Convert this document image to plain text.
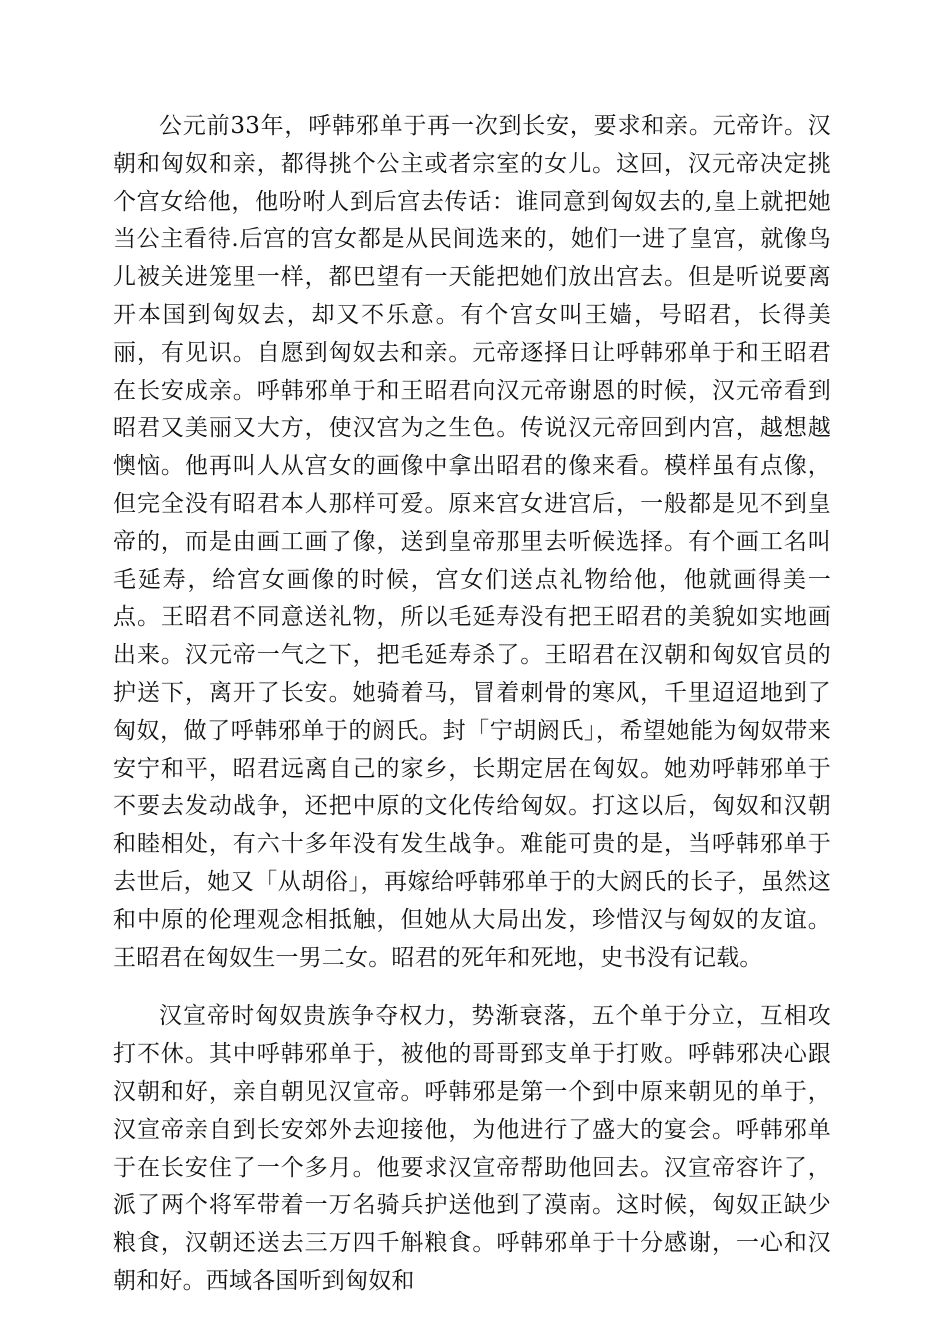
公元前33年，呼韩邪单于再一次到长安，要求和亲。元帝许。汉朝和匈奴和亲，都得挑个公主或者宗室的女儿。这回，汉元帝决定挑个宫女给他，他吩咐人到后宫去传话：谁同意到匈奴去的,皇上就把她当公主看待.后宫的宫女都是从民间选来的，她们一进了皇宫，就像鸟儿被关进笼里一样，都巴望有一天能把她们放出宫去。但是听说要离开本国到匈奴去，却又不乐意。有个宫女叫王嫱，号昭君，长得美丽，有见识。自愿到匈奴去和亲。元帝逐择日让呼韩邪单于和王昭君在长安成亲。呼韩邪单于和王昭君向汉元帝谢恩的时候，汉元帝看到昭君又美丽又大方，使汉宫为之生色。传说汉元帝回到内宫，越想越懊恼。他再叫人从宫女的画像中拿出昭君的像来看。模样虽有点像，但完全没有昭君本人那样可爱。原来宫女进宫后，一般都是见不到皇帝的，而是由画工画了像，送到皇帝那里去听候选择。有个画工名叫毛延寿，给宫女画像的时候，宫女们送点礼物给他，他就画得美一点。王昭君不同意送礼物，所以毛延寿没有把王昭君的美貌如实地画出来。汉元帝一气之下，把毛延寿杀了。王昭君在汉朝和匈奴官员的护送下，离开了长安。她骑着马，冒着刺骨的寒风，千里迢迢地到了匈奴，做了呼韩邪单于的阏氏。封「宁胡阏氏」，希望她能为匈奴带来安宁和平，昭君远离自己的家乡，长期定居在匈奴。她劝呼韩邪单于不要去发动战争，还把中原的文化传给匈奴。打这以后，匈奴和汉朝和睦相处，有六十多年没有发生战争。难能可贵的是，当呼韩邪单于去世后，她又「从胡俗」，再嫁给呼韩邪单于的大阏氏的长子，虽然这和中原的伦理观念相抵触，但她从大局出发，珍惜汉与匈奴的友谊。王昭君在匈奴生一男二女。昭君的死年和死地，史书没有记载。

汉宣帝时匈奴贵族争夺权力，势渐衰落，五个单于分立，互相攻打不休。其中呼韩邪单于，被他的哥哥郅支单于打败。呼韩邪决心跟汉朝和好，亲自朝见汉宣帝。呼韩邪是第一个到中原来朝见的单于，汉宣帝亲自到长安郊外去迎接他，为他进行了盛大的宴会。呼韩邪单于在长安住了一个多月。他要求汉宣帝帮助他回去。汉宣帝容许了，派了两个将军带着一万名骑兵护送他到了漠南。这时候，匈奴正缺少粮食，汉朝还送去三万四千斛粮食。呼韩邪单于十分感谢，一心和汉朝和好。西域各国听到匈奴和
